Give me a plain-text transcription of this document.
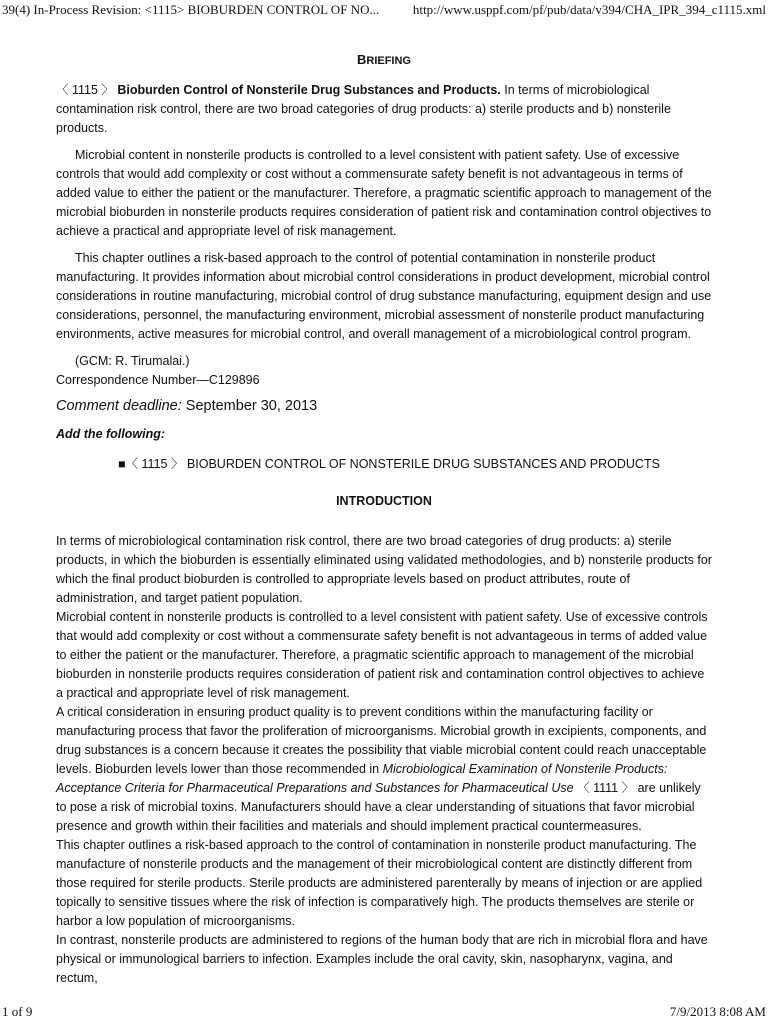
39(4) In-Process Revision: <1115> BIOBURDEN CONTROL OF NO...	http://www.usppf.com/pf/pub/data/v394/CHA_IPR_394_c1115.xml
BRIEFING

〈 1115 〉 Bioburden Control of Nonsterile Drug Substances and Products. In terms of microbiological contamination risk control, there are two broad categories of drug products: a) sterile products and b) nonsterile products.

Microbial content in nonsterile products is controlled to a level consistent with patient safety. Use of excessive controls that would add complexity or cost without a commensurate safety benefit is not advantageous in terms of added value to either the patient or the manufacturer. Therefore, a pragmatic scientific approach to management of the microbial bioburden in nonsterile products requires consideration of patient risk and contamination control objectives to achieve a practical and appropriate level of risk management.

This chapter outlines a risk-based approach to the control of potential contamination in nonsterile product manufacturing. It provides information about microbial control considerations in product development, microbial control considerations in routine manufacturing, microbial control of drug substance manufacturing, equipment design and use considerations, personnel, the manufacturing environment, microbial assessment of nonsterile product manufacturing environments, active measures for microbial control, and overall management of a microbiological control program.

(GCM: R. Tirumalai.)

Correspondence Number—C129896

Comment deadline: September 30, 2013
Add the following:
■〈 1115 〉 BIOBURDEN CONTROL OF NONSTERILE DRUG SUBSTANCES AND PRODUCTS
INTRODUCTION

In terms of microbiological contamination risk control, there are two broad categories of drug products: a) sterile products, in which the bioburden is essentially eliminated using validated methodologies, and b) nonsterile products for which the final product bioburden is controlled to appropriate levels based on product attributes, route of administration, and target patient population.

Microbial content in nonsterile products is controlled to a level consistent with patient safety. Use of excessive controls that would add complexity or cost without a commensurate safety benefit is not advantageous in terms of added value to either the patient or the manufacturer. Therefore, a pragmatic scientific approach to management of the microbial bioburden in nonsterile products requires consideration of patient risk and contamination control objectives to achieve a practical and appropriate level of risk management.

A critical consideration in ensuring product quality is to prevent conditions within the manufacturing facility or manufacturing process that favor the proliferation of microorganisms. Microbial growth in excipients, components, and drug substances is a concern because it creates the possibility that viable microbial content could reach unacceptable levels. Bioburden levels lower than those recommended in Microbiological Examination of Nonsterile Products: Acceptance Criteria for Pharmaceutical Preparations and Substances for Pharmaceutical Use 〈 1111 〉 are unlikely to pose a risk of microbial toxins. Manufacturers should have a clear understanding of situations that favor microbial presence and growth within their facilities and materials and should implement practical countermeasures.

This chapter outlines a risk-based approach to the control of contamination in nonsterile product manufacturing. The manufacture of nonsterile products and the management of their microbiological content are distinctly different from those required for sterile products. Sterile products are administered parenterally by means of injection or are applied topically to sensitive tissues where the risk of infection is comparatively high. The products themselves are sterile or harbor a low population of microorganisms.

In contrast, nonsterile products are administered to regions of the human body that are rich in microbial flora and have physical or immunological barriers to infection. Examples include the oral cavity, skin, nasopharynx, vagina, and rectum,

1 of 9	7/9/2013 8:08 AM
